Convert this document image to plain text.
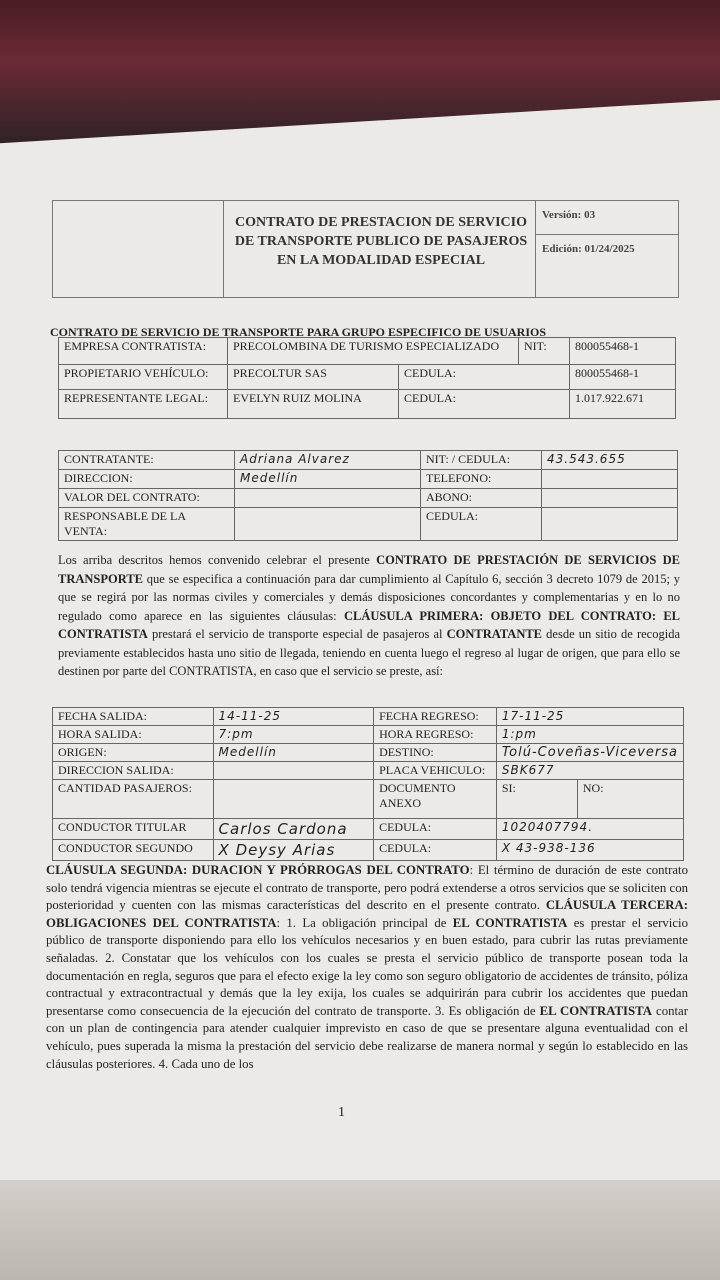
CONTRATO DE PRESTACION DE SERVICIO
DE TRANSPORTE PUBLICO DE PASAJEROS
EN LA MODALIDAD ESPECIAL
Versión: 03
Edición: 01/24/2025
CONTRATO DE SERVICIO DE TRANSPORTE PARA GRUPO ESPECIFICO DE USUARIOS
EMPRESA CONTRATISTA:	PRECOLOMBINA DE TURISMO ESPECIALIZADO		NIT:	800055468-1
PROPIETARIO VEHÍCULO:	PRECOLTUR SAS	CEDULA:		800055468-1
REPRESENTANTE LEGAL:	EVELYN RUIZ MOLINA	CEDULA:		1.017.922.671
CONTRATANTE:	Adriana Alvarez	NIT: / CEDULA:	43.543.655
DIRECCION:	Medellín	TELEFONO:	
VALOR DEL CONTRATO:		ABONO:	
RESPONSABLE DE LA VENTA:		CEDULA:	
Los arriba descritos hemos convenido celebrar el presente CONTRATO DE PRESTACIÓN DE SERVICIOS DE TRANSPORTE que se especifica a continuación para dar cumplimiento al Capítulo 6, sección 3 decreto 1079 de 2015; y que se regirá por las normas civiles y comerciales y demás disposiciones concordantes y complementarias y en lo no regulado como aparece en las siguientes cláusulas: CLÁUSULA PRIMERA: OBJETO DEL CONTRATO: EL CONTRATISTA prestará el servicio de transporte especial de pasajeros al CONTRATANTE desde un sitio de recogida previamente establecidos hasta uno sitio de llegada, teniendo en cuenta luego el regreso al lugar de origen, que para ello se destinen por parte del CONTRATISTA, en caso que el servicio se preste, así:
FECHA SALIDA:	14-11-25	FECHA REGRESO:	17-11-25	
HORA SALIDA:	7:pm	HORA REGRESO:	1:pm	
ORIGEN:	Medellín	DESTINO:	Tolú-Coveñas-Viceversa	
DIRECCION SALIDA:		PLACA VEHICULO:	SBK677	
CANTIDAD PASAJEROS:		DOCUMENTO ANEXO	SI:	NO:
CONDUCTOR TITULAR	Carlos Cardona	CEDULA:	1020407794.	
CONDUCTOR SEGUNDO	X Deysy Arias	CEDULA:	X 43-938-136	
CLÁUSULA SEGUNDA: DURACION Y PRÓRROGAS DEL CONTRATO: El término de duración de este contrato solo tendrá vigencia mientras se ejecute el contrato de transporte, pero podrá extenderse a otros servicios que se soliciten con posterioridad y cuenten con las mismas características del descrito en el presente contrato. CLÁUSULA TERCERA: OBLIGACIONES DEL CONTRATISTA: 1. La obligación principal de EL CONTRATISTA es prestar el servicio público de transporte disponiendo para ello los vehículos necesarios y en buen estado, para cubrir las rutas previamente señaladas. 2. Constatar que los vehículos con los cuales se presta el servicio público de transporte posean toda la documentación en regla, seguros que para el efecto exige la ley como son seguro obligatorio de accidentes de tránsito, póliza contractual y extracontractual y demás que la ley exija, los cuales se adquirirán para cubrir los accidentes que puedan presentarse como consecuencia de la ejecución del contrato de transporte. 3. Es obligación de EL CONTRATISTA contar con un plan de contingencia para atender cualquier imprevisto en caso de que se presentare alguna eventualidad con el vehículo, pues superada la misma la prestación del servicio debe realizarse de manera normal y según lo establecido en las cláusulas posteriores. 4. Cada uno de los
1
